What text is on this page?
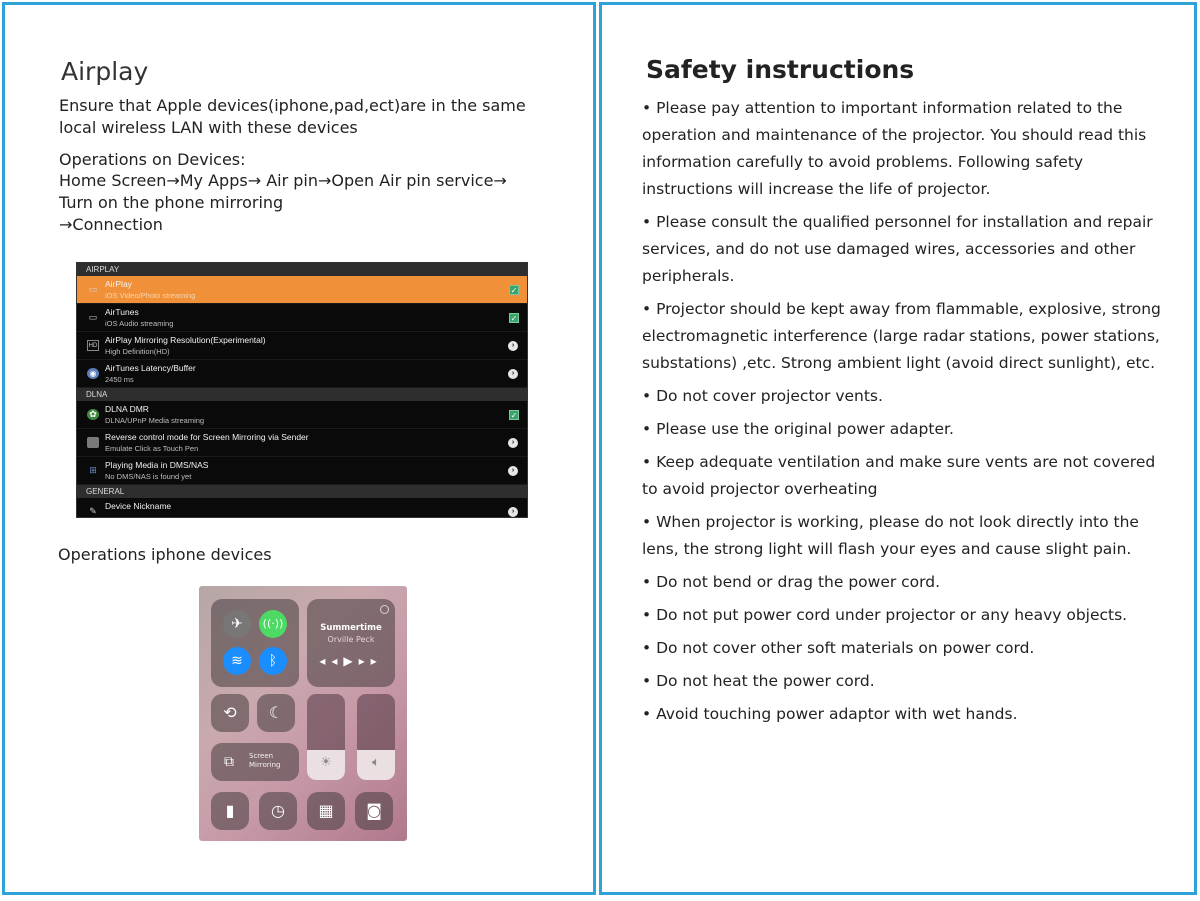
Airplay
Ensure that Apple devices(iphone,pad,ect)are in the same local wireless LAN with these devices
Operations on Devices:
Home Screen→My Apps→ Air pin→Open Air pin service→
Turn on the phone mirroring
→Connection
AIRPLAY
▭ AirPlay
iOS Video/Photo streaming
✓
▭ AirTunes
iOS Audio streaming
✓
HD
AirPlay Mirroring Resolution(Experimental)
High Definition(HD)
›
◉
AirTunes Latency/Buffer
2450 ms
›
DLNA
✿ DLNA DMR
DLNA/UPnP Media streaming
✓
Reverse control mode for Screen Mirroring via Sender
Emulate Click as Touch Pen
›
⊞ Playing Media in DMS/NAS
No DMS/NAS is found yet
›
GENERAL
✎ Device Nickname
›
Operations iphone devices
✈	((·))
≋	ᛒ
Summertime
Orville Peck
◂◂▶▸▸
⟲	☾
⧉	Screen
Mirroring	☀	🔈︎
▮	◷	▦	◙
Safety instructions
• Please pay attention to important information related to the operation and maintenance of the projector. You should read this information carefully to avoid problems. Following safety instructions will increase the life of projector.
• Please consult the qualified personnel for installation and repair services, and do not use damaged wires, accessories and other peripherals.
• Projector should be kept away from flammable, explosive, strong electromagnetic interference (large radar stations, power stations, substations) ,etc. Strong ambient light (avoid direct sunlight), etc.
• Do not cover projector vents.
• Please use the original power adapter.
• Keep adequate ventilation and make sure vents are not covered to avoid projector overheating
• When projector is working, please do not look directly into the lens, the strong light will flash your eyes and cause slight pain.
• Do not bend or drag the power cord.
• Do not put power cord under projector or any heavy objects.
• Do not cover other soft materials on power cord.
• Do not heat the power cord.
• Avoid touching power adaptor with wet hands.
